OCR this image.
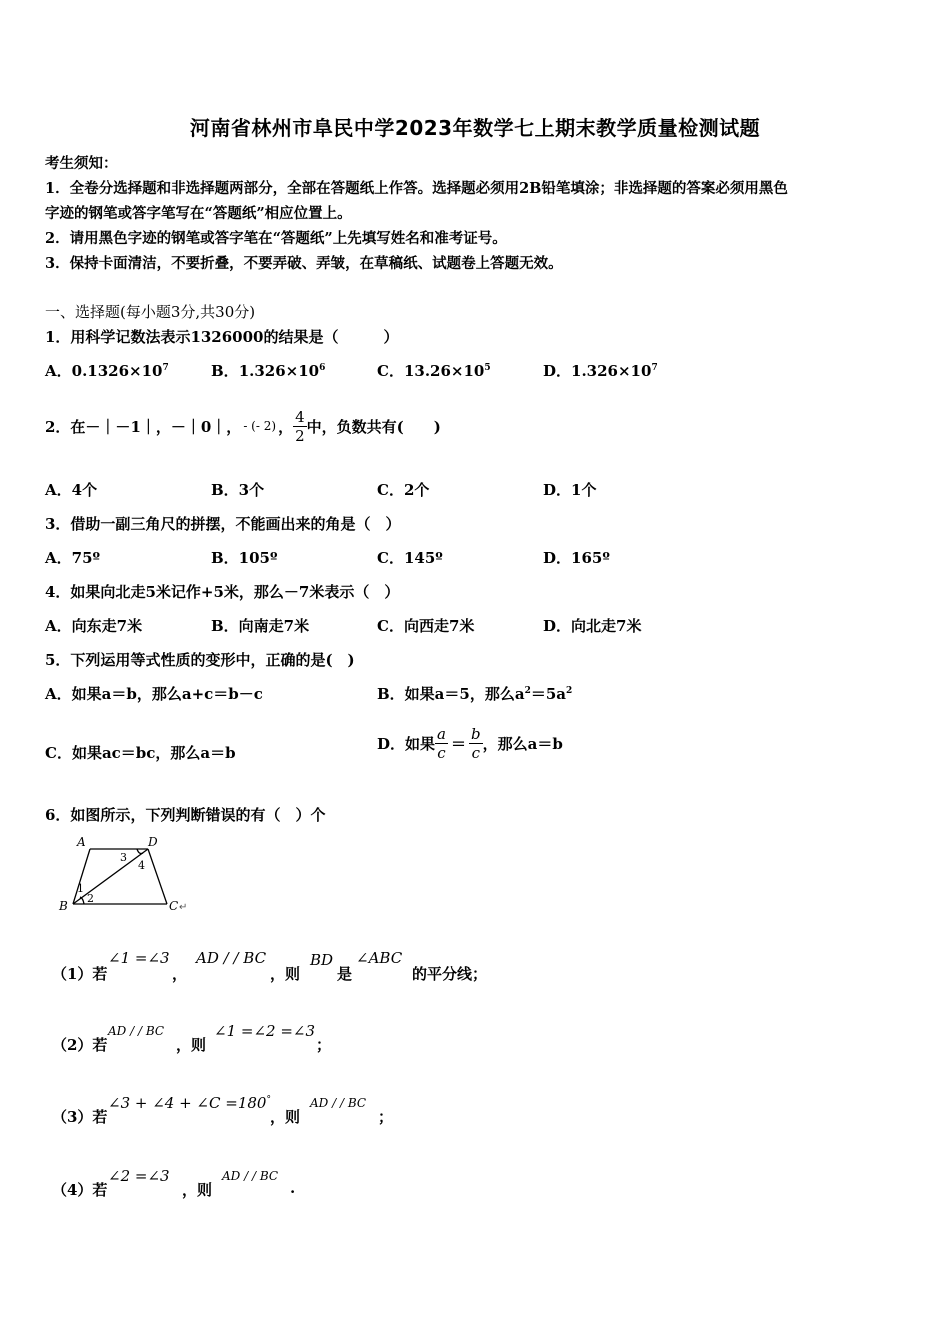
河南省林州市阜民中学2023年数学七上期末教学质量检测试题
考生须知：
1．全卷分选择题和非选择题两部分，全部在答题纸上作答。选择题必须用2B铅笔填涂；非选择题的答案必须用黑色
字迹的钢笔或答字笔写在“答题纸”相应位置上。
2．请用黑色字迹的钢笔或答字笔在“答题纸”上先填写姓名和准考证号。
3．保持卡面清洁，不要折叠，不要弄破、弄皱，在草稿纸、试题卷上答题无效。
一、选择题(每小题3分,共30分)
1．用科学记数法表示1326000的结果是（　　　）
A．$0.1326\times 10^7$	B．$1.326\times 10^6$	C．$13.26\times 10^5$	D．$1.326\times 10^7$
2．在－｜－1｜，－｜0｜， - (- 2) ， $\frac{4}{2}$ 中，负数共有(　　)
A．4个	B．3个	C．2个	D．1个
3．借助一副三角尺的拼摆，不能画出来的角是（　）
A．75º	B．105º	C．145º	D．165º
4．如果向北走5米记作+5米，那么－7米表示（　）
A．向东走7米	B．向南走7米	C．向西走7米	D．向北走7米
5．下列运用等式性质的变形中，正确的是(　)
A．如果a＝b，那么a+c＝b－c	B．如果a＝5，那么$a^2=5a^2$
C．如果ac＝bc，那么a＝b
D．如果 $\frac{a}{c} = \frac{b}{c}$ ，那么a＝b
6．如图所示，下列判断错误的有（　）个
A	D
B	C ↵
1
2
3
4
（1）若
∠1 =∠3
，
AD / / BC
，则
BD
是
∠ABC
的平分线；
（2）若
AD / / BC
，则
∠1 =∠2 =∠3
；
（3）若
∠3 + ∠4 + ∠C =180°
，则
AD / / BC
；
（4）若
∠2 =∠3
，则
AD / / BC
.
